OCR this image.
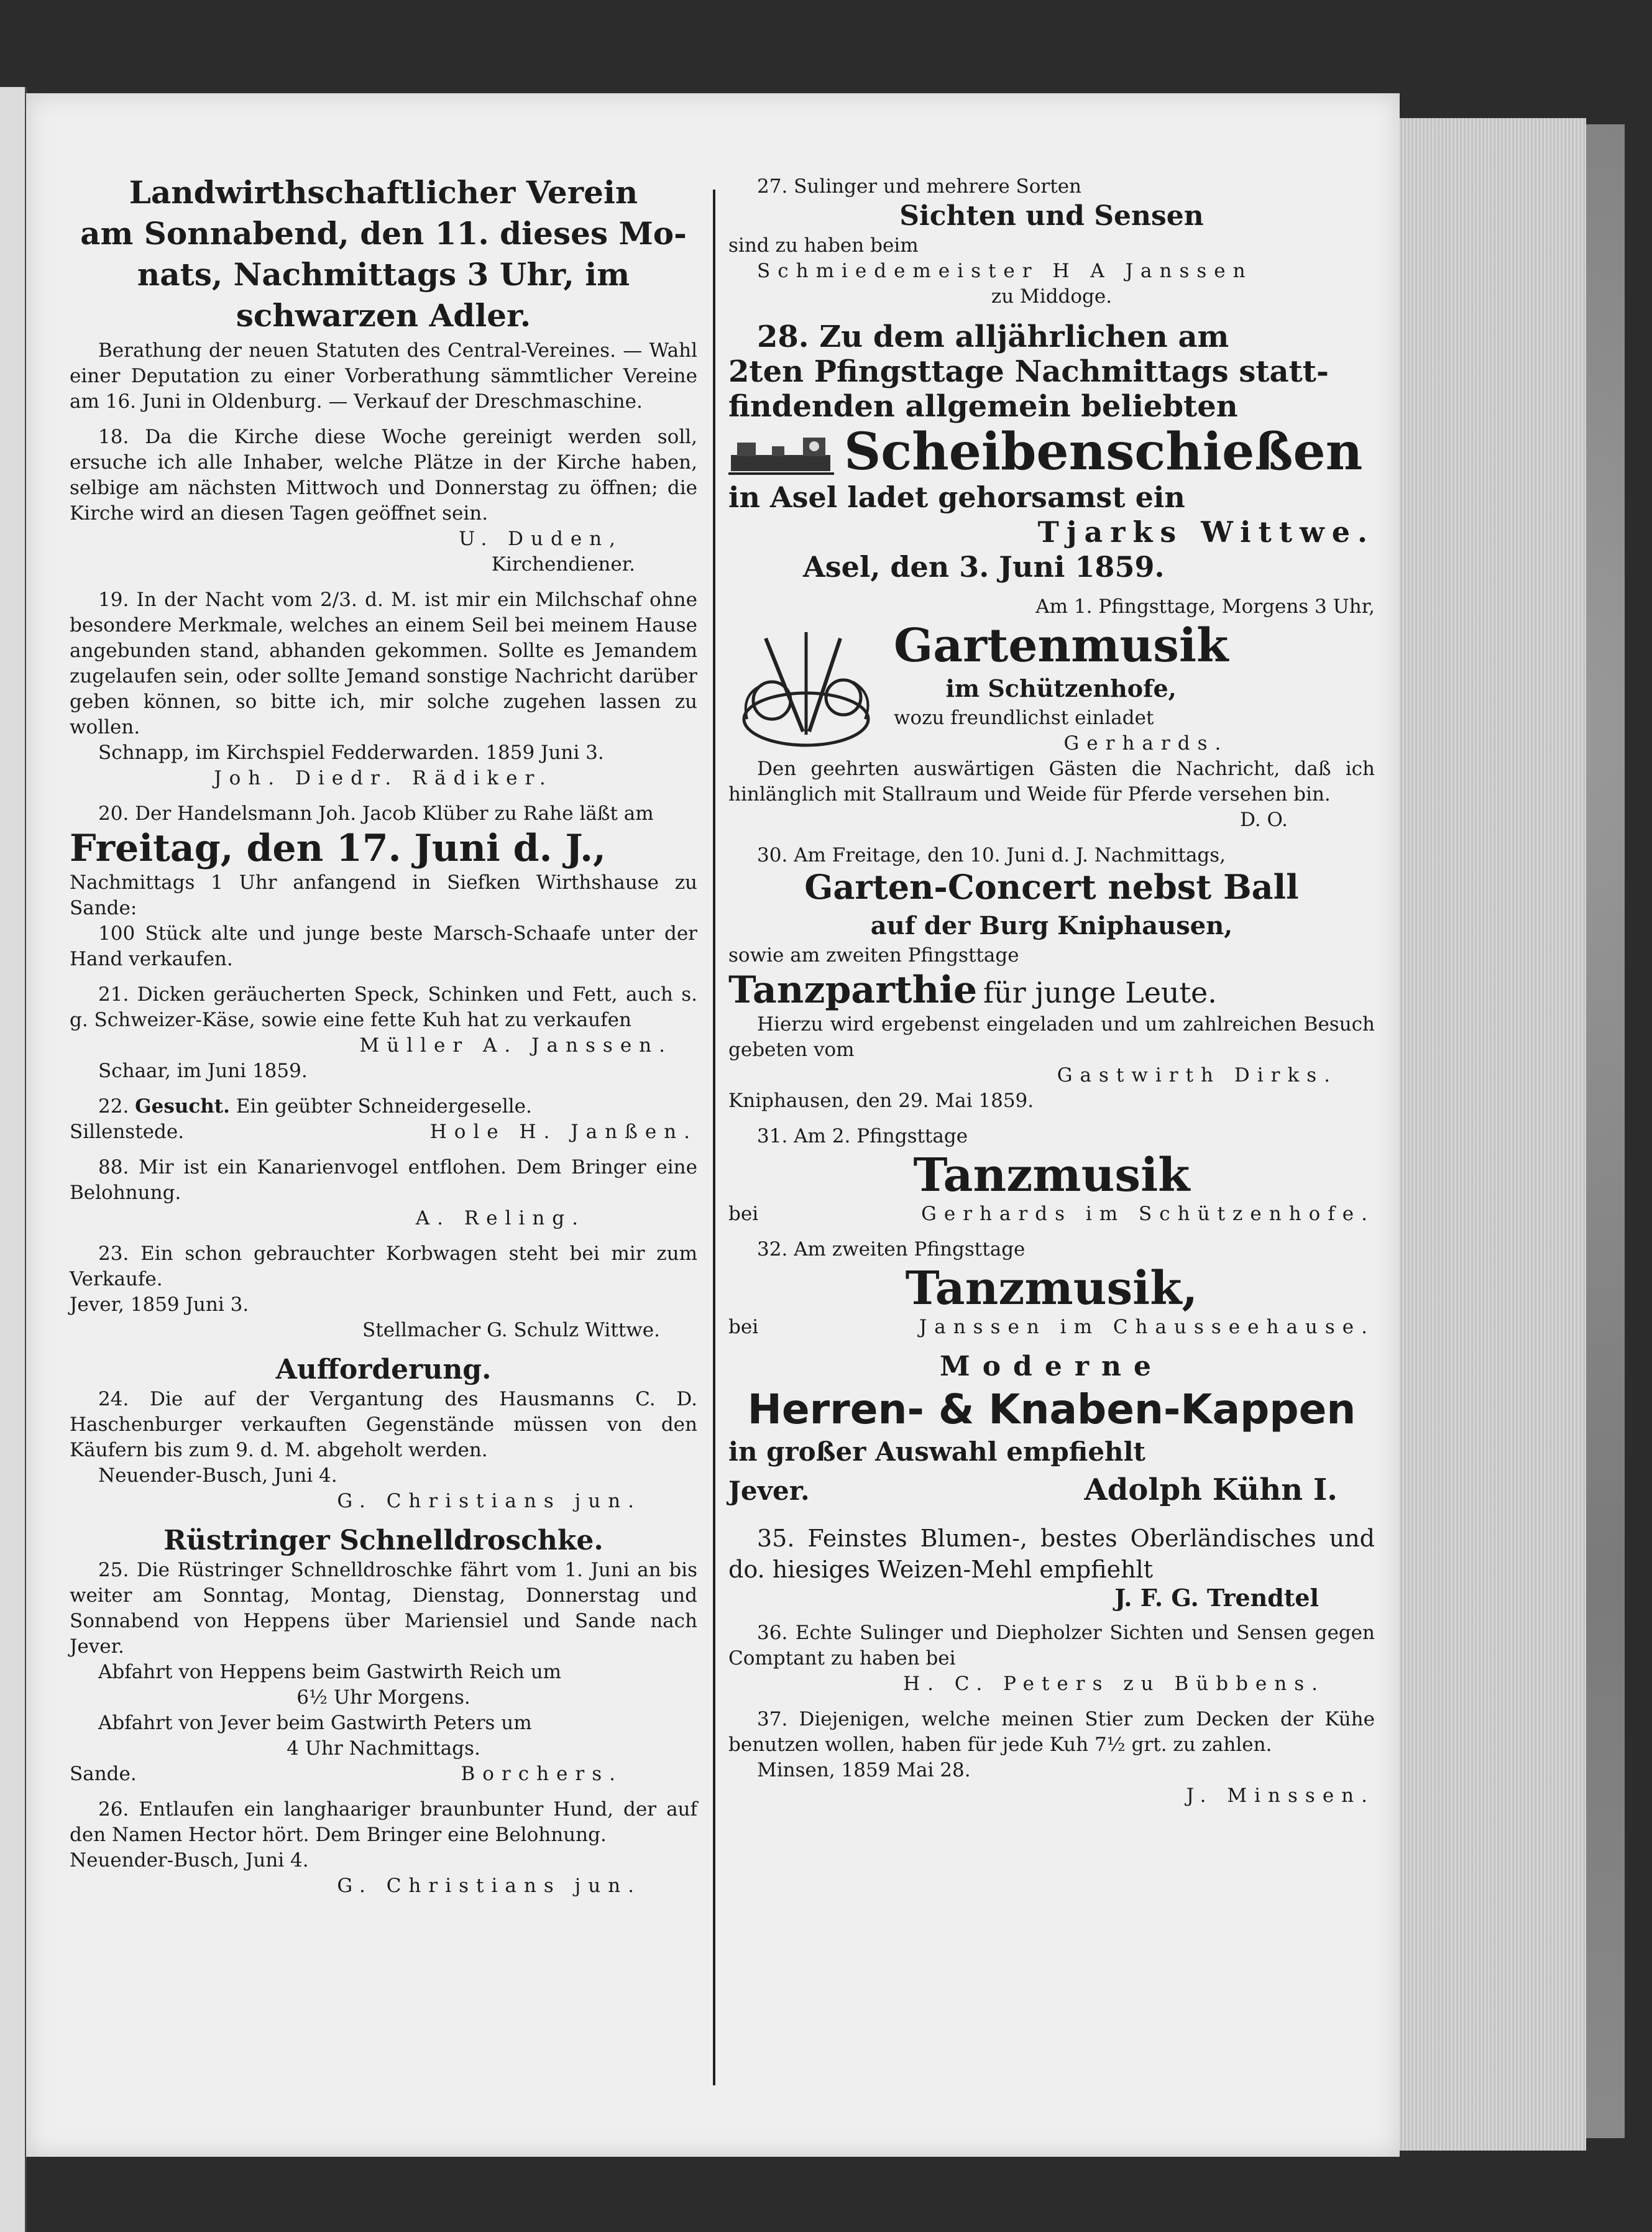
Landwirthschaftlicher Verein
am Sonnabend, den 11. dieses Mo-
nats, Nachmittags 3 Uhr, im
schwarzen Adler.

Berathung der neuen Statuten des Central-Vereines. — Wahl einer Deputation zu einer Vorberathung sämmtlicher Vereine am 16. Juni in Oldenburg. — Verkauf der Dreschmaschine.

18. Da die Kirche diese Woche gereinigt werden soll, ersuche ich alle Inhaber, welche Plätze in der Kirche haben, selbige am nächsten Mittwoch und Donnerstag zu öffnen; die Kirche wird an diesen Tagen geöffnet sein.

U. Duden,

Kirchendiener.

19. In der Nacht vom 2/3. d. M. ist mir ein Milchschaf ohne besondere Merkmale, welches an einem Seil bei meinem Hause angebunden stand, abhanden gekommen. Sollte es Jemandem zugelaufen sein, oder sollte Jemand sonstige Nachricht darüber geben können, so bitte ich, mir solche zugehen lassen zu wollen.

Schnapp, im Kirchspiel Fedderwarden. 1859 Juni 3.

Joh. Diedr. Rädiker.

20. Der Handelsmann Joh. Jacob Klüber zu Rahe läßt am

Freitag, den 17. Juni d. J.,

Nachmittags 1 Uhr anfangend in Siefken Wirthshause zu Sande:

100 Stück alte und junge beste Marsch-Schaafe unter der Hand verkaufen.

21. Dicken geräucherten Speck, Schinken und Fett, auch s. g. Schweizer-Käse, sowie eine fette Kuh hat zu verkaufen

Müller A. Janssen.

Schaar, im Juni 1859.

22. Gesucht. Ein geübter Schneidergeselle.

Sillenstede.	Hole H. Janßen.

88. Mir ist ein Kanarienvogel entflohen. Dem Bringer eine Belohnung.

A. Reling.

23. Ein schon gebrauchter Korbwagen steht bei mir zum Verkaufe.

Jever, 1859 Juni 3.

Stellmacher G. Schulz Wittwe.

Aufforderung.

24. Die auf der Vergantung des Hausmanns C. D. Haschenburger verkauften Gegenstände müssen von den Käufern bis zum 9. d. M. abgeholt werden.

Neuender-Busch, Juni 4.

G. Christians jun.

Rüstringer Schnelldroschke.

25. Die Rüstringer Schnelldroschke fährt vom 1. Juni an bis weiter am Sonntag, Montag, Dienstag, Donnerstag und Sonnabend von Heppens über Mariensiel und Sande nach Jever.

Abfahrt von Heppens beim Gastwirth Reich um

6½ Uhr Morgens.

Abfahrt von Jever beim Gastwirth Peters um

4 Uhr Nachmittags.

Sande.	Borchers.

26. Entlaufen ein langhaariger braunbunter Hund, der auf den Namen Hector hört. Dem Bringer eine Belohnung.

Neuender-Busch, Juni 4.

G. Christians jun.

27. Sulinger und mehrere Sorten

Sichten und Sensen

sind zu haben beim

Schmiedemeister H A Janssen

zu Middoge.

28. Zu dem alljährlichen am

2ten Pfingsttage Nachmittags statt-

findenden allgemein beliebten

Scheibenschießen

in Asel ladet gehorsamst ein

Tjarks Wittwe.

Asel, den 3. Juni 1859.

Am 1. Pfingsttage, Morgens 3 Uhr,

Gartenmusik
im Schützenhofe,

wozu freundlichst einladet

Gerhards.

Den geehrten auswärtigen Gästen die Nachricht, daß ich hinlänglich mit Stallraum und Weide für Pferde versehen bin.

D. O.

30. Am Freitage, den 10. Juni d. J. Nachmittags,

Garten-Concert nebst Ball
auf der Burg Kniphausen,

sowie am zweiten Pfingsttage

Tanzparthie für junge Leute.

Hierzu wird ergebenst eingeladen und um zahlreichen Besuch gebeten vom

Gastwirth Dirks.

Kniphausen, den 29. Mai 1859.

31. Am 2. Pfingsttage

Tanzmusik
bei	Gerhards im Schützenhofe.

32. Am zweiten Pfingsttage

Tanzmusik,
bei	Janssen im Chausseehause.
Moderne
Herren- & Knaben-Kappen

in großer Auswahl empfiehlt

Jever.	Adolph Kühn I.

35. Feinstes Blumen-, bestes Oberländisches und do. hiesiges Weizen-Mehl empfiehlt

J. F. G. Trendtel

36. Echte Sulinger und Diepholzer Sichten und Sensen gegen Comptant zu haben bei

H. C. Peters zu Bübbens.

37. Diejenigen, welche meinen Stier zum Decken der Kühe benutzen wollen, haben für jede Kuh 7½ grt. zu zahlen.

Minsen, 1859 Mai 28.

J. Minssen.
